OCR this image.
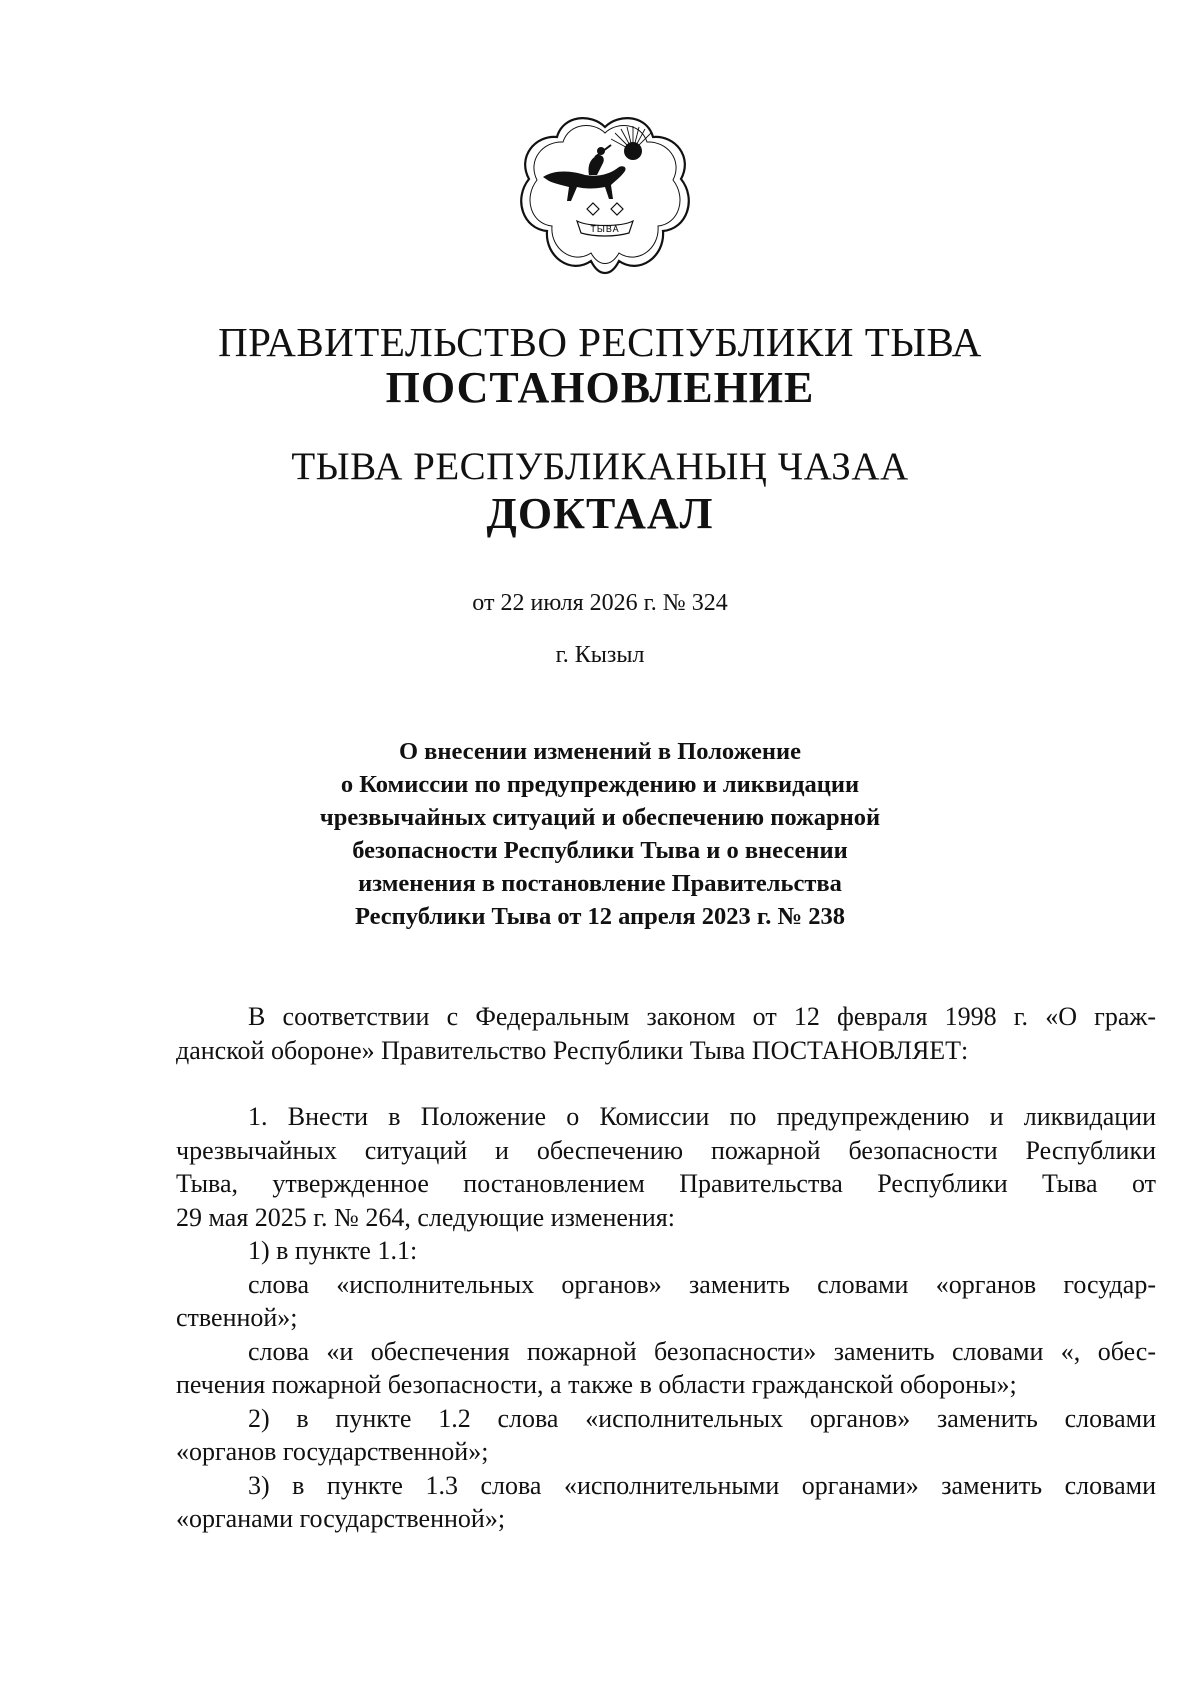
ТЫВА
ПРАВИТЕЛЬСТВО РЕСПУБЛИКИ ТЫВА
ПОСТАНОВЛЕНИЕ
ТЫВА РЕСПУБЛИКАНЫҢ ЧАЗАА
ДОКТААЛ
от 22 июля 2026 г. № 324
г. Кызыл
О внесении изменений в Положение
о Комиссии по предупреждению и ликвидации
чрезвычайных ситуаций и обеспечению пожарной
безопасности Республики Тыва и о внесении
изменения в постановление Правительства
Республики Тыва от 12 апреля 2023 г. № 238
В соответствии с Федеральным законом от 12 февраля 1998 г. «О граж-
данской обороне» Правительство Республики Тыва ПОСТАНОВЛЯЕТ:
1. Внести в Положение о Комиссии по предупреждению и ликвидации
чрезвычайных ситуаций и обеспечению пожарной безопасности Республики
Тыва, утвержденное постановлением Правительства Республики Тыва от
29 мая 2025 г. № 264, следующие изменения:
1) в пункте 1.1:
слова «исполнительных органов» заменить словами «органов государ-
ственной»;
слова «и обеспечения пожарной безопасности» заменить словами «, обес-
печения пожарной безопасности, а также в области гражданской обороны»;
2) в пункте 1.2 слова «исполнительных органов» заменить словами
«органов государственной»;
3) в пункте 1.3 слова «исполнительными органами» заменить словами
«органами государственной»;
